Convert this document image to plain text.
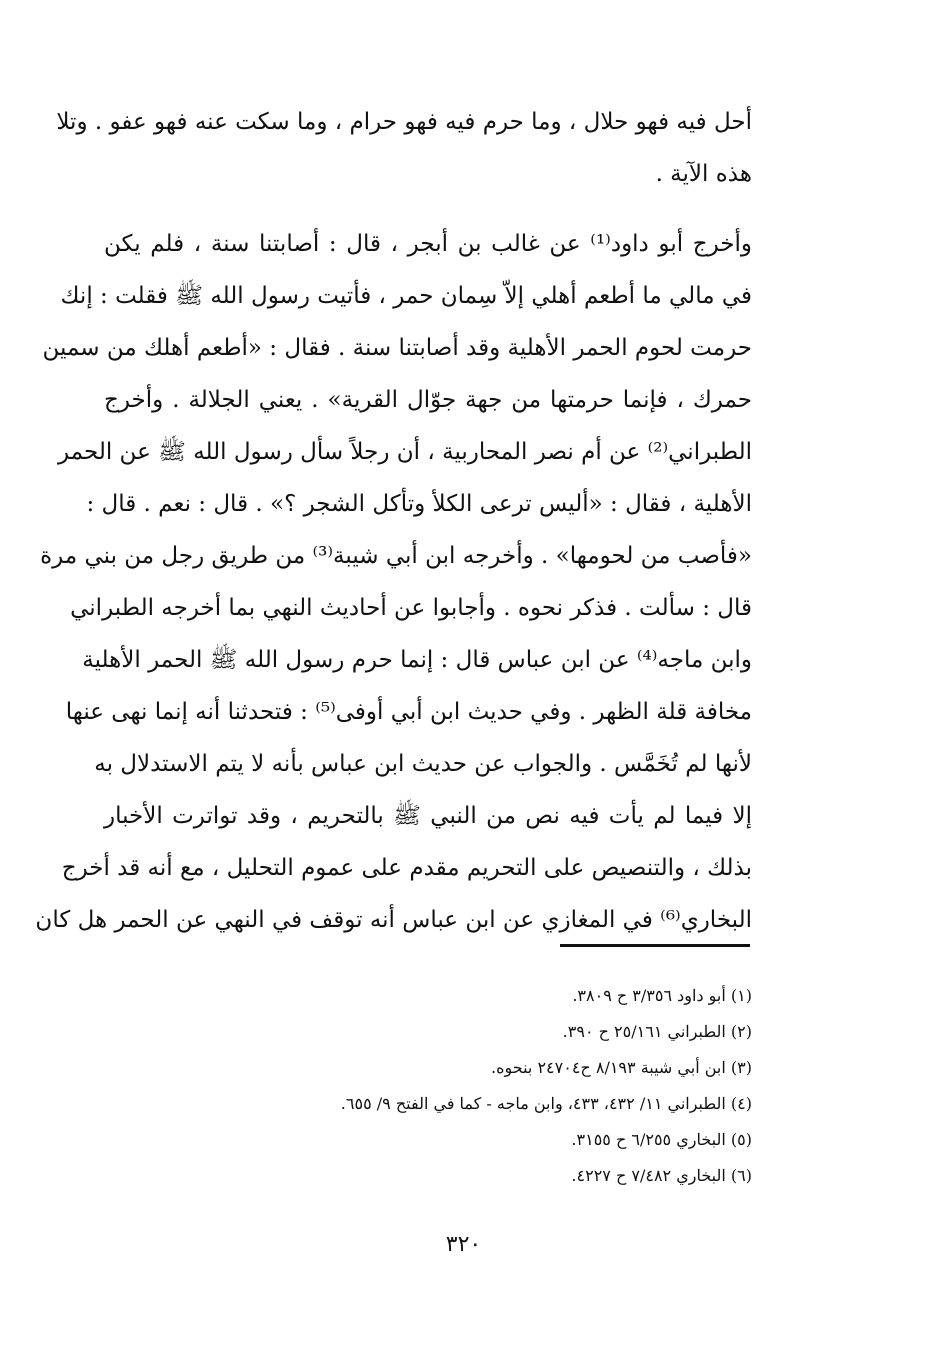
أحل فيه فهو حلال ، وما حرم فيه فهو حرام ، وما سكت عنه فهو عفو . وتلا
هذه الآية .
وأخرج أبو داود⁽¹⁾ عن غالب بن أبجر ، قال : أصابتنا سنة ، فلم يكن
في مالي ما أطعم أهلي إلاّ سِمان حمر ، فأتيت رسول الله ﷺ فقلت : إنك
حرمت لحوم الحمر الأهلية وقد أصابتنا سنة . فقال : «أطعم أهلك من سمين
حمرك ، فإنما حرمتها من جهة جوّال القرية» . يعني الجلالة . وأخرج
الطبراني⁽²⁾ عن أم نصر المحاربية ، أن رجلاً سأل رسول الله ﷺ عن الحمر
الأهلية ، فقال : «أليس ترعى الكلأ وتأكل الشجر ؟» . قال : نعم . قال :
«فأصب من لحومها» . وأخرجه ابن أبي شيبة⁽³⁾ من طريق رجل من بني مرة
قال : سألت . فذكر نحوه . وأجابوا عن أحاديث النهي بما أخرجه الطبراني
وابن ماجه⁽⁴⁾ عن ابن عباس قال : إنما حرم رسول الله ﷺ الحمر الأهلية
مخافة قلة الظهر . وفي حديث ابن أبي أوفى⁽⁵⁾ : فتحدثنا أنه إنما نهى عنها
لأنها لم تُخَمَّس . والجواب عن حديث ابن عباس بأنه لا يتم الاستدلال به
إلا فيما لم يأت فيه نص من النبي ﷺ بالتحريم ، وقد تواترت الأخبار
بذلك ، والتنصيص على التحريم مقدم على عموم التحليل ، مع أنه قد أخرج
البخاري⁽⁶⁾ في المغازي عن ابن عباس أنه توقف في النهي عن الحمر هل كان
(١) أبو داود ٣/٣٥٦ ح ٣٨٠٩.
(٢) الطبراني ٢٥/١٦١ ح ٣٩٠.
(٣) ابن أبي شيبة ٨/١٩٣ ح٢٤٧٠٤ بنحوه.
(٤) الطبراني ١١/ ٤٣٢، ٤٣٣، وابن ماجه - كما في الفتح ٩/ ٦٥٥.
(٥) البخاري ٦/٢٥٥ ح ٣١٥٥.
(٦) البخاري ٧/٤٨٢ ح ٤٢٢٧.
٣٢٠
